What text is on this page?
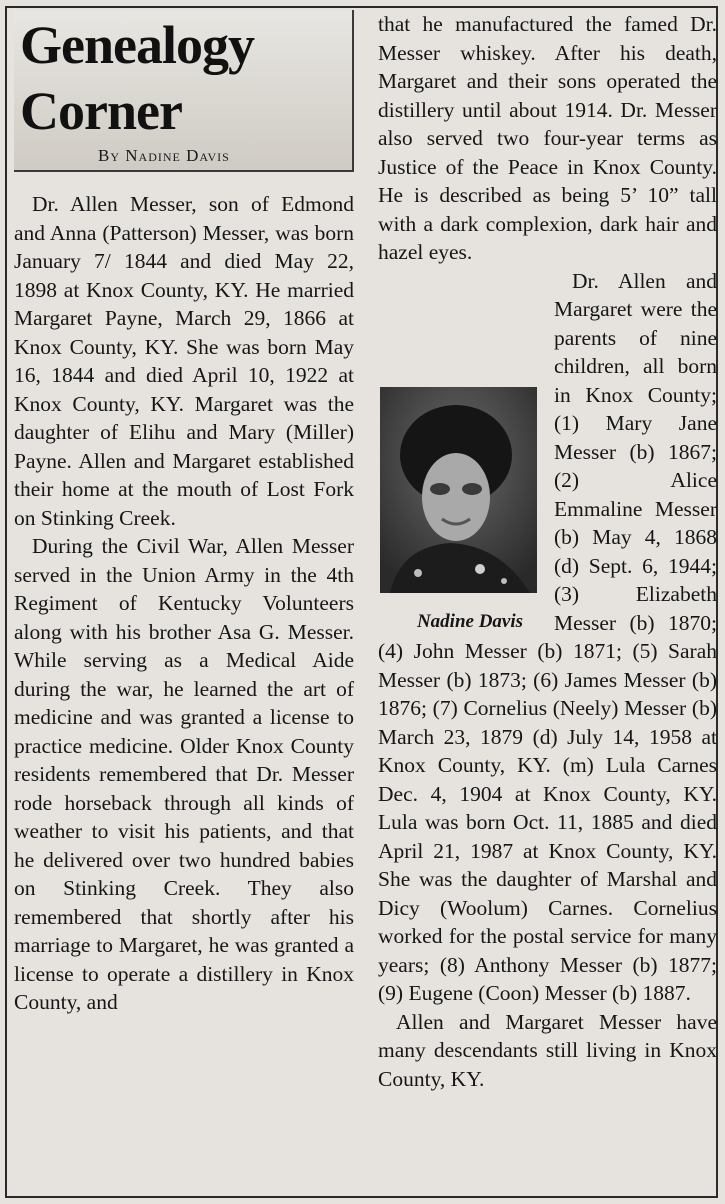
Genealogy
Corner
By Nadine Davis

Dr. Allen Messer, son of Edmond and Anna (Patterson) Messer, was born January 7/ 1844 and died May 22, 1898 at Knox County, KY. He married Margaret Payne, March 29, 1866 at Knox County, KY. She was born May 16, 1844 and died April 10, 1922 at Knox County, KY. Margaret was the daughter of Elihu and Mary (Miller) Payne. Allen and Margaret established their home at the mouth of Lost Fork on Stinking Creek.

During the Civil War, Allen Messer served in the Union Army in the 4th Regiment of Kentucky Volunteers along with his brother Asa G. Messer. While serving as a Medical Aide during the war, he learned the art of medicine and was granted a license to practice medicine. Older Knox County residents remembered that Dr. Messer rode horseback through all kinds of weather to visit his patients, and that he delivered over two hundred babies on Stinking Creek. They also remembered that shortly after his marriage to Margaret, he was granted a license to operate a distillery in Knox County, and

that he manufactured the famed Dr. Messer whiskey. After his death, Margaret and their sons operated the distillery until about 1914. Dr. Messer also served two four-year terms as Justice of the Peace in Knox County. He is described as being 5’ 10” tall with a dark complexion, dark hair and hazel eyes.

Nadine Davis
Dr. Allen and Margaret were the parents of nine children, all born in Knox County; (1) Mary Jane Messer (b) 1867; (2) Alice Emmaline Messer (b) May 4, 1868 (d) Sept. 6, 1944; (3) Elizabeth Messer (b) 1870; (4) John Messer (b) 1871; (5) Sarah Messer (b) 1873; (6) James Messer (b) 1876; (7) Cornelius (Neely) Messer (b) March 23, 1879 (d) July 14, 1958 at Knox County, KY. (m) Lula Carnes Dec. 4, 1904 at Knox County, KY. Lula was born Oct. 11, 1885 and died April 21, 1987 at Knox County, KY. She was the daughter of Marshal and Dicy (Woolum) Carnes. Cornelius worked for the postal service for many years; (8) Anthony Messer (b) 1877; (9) Eugene (Coon) Messer (b) 1887.

Allen and Margaret Messer have many descendants still living in Knox County, KY.
